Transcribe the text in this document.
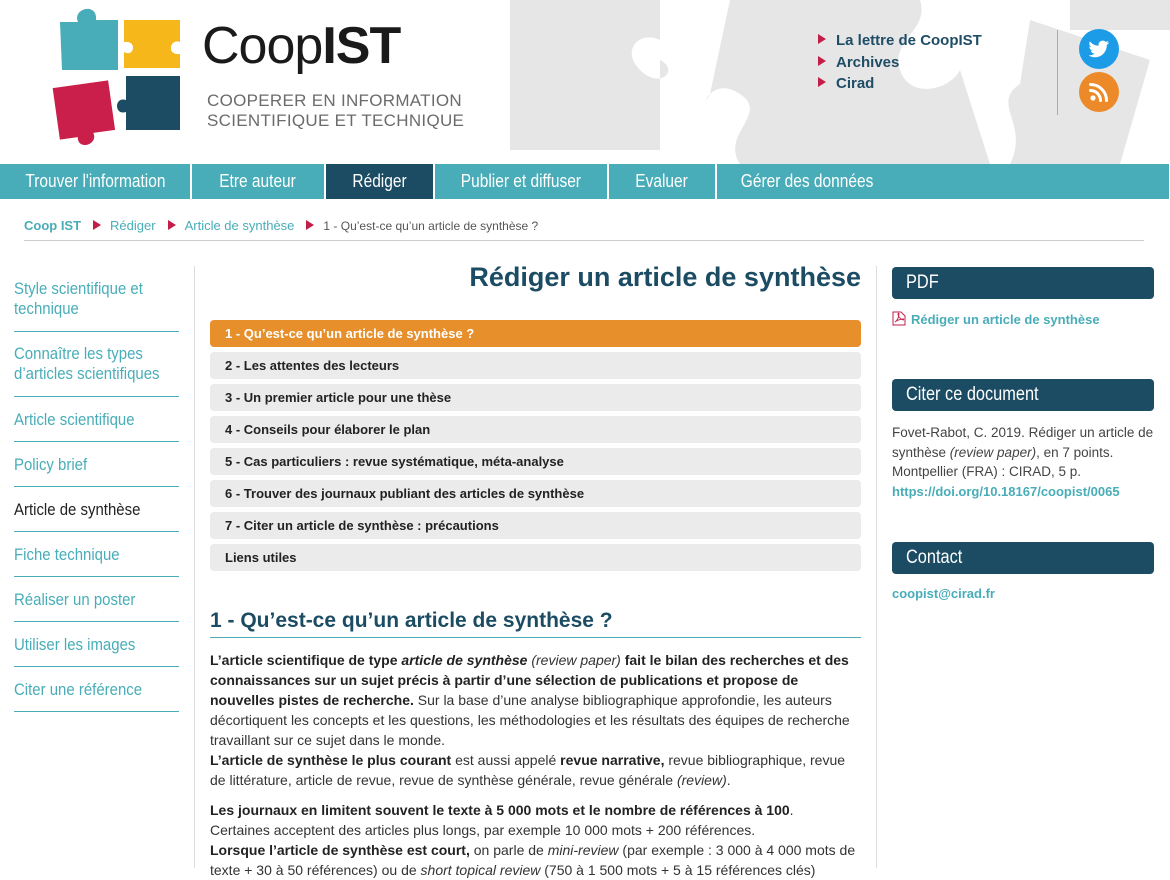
CoopIST
COOPERER EN INFORMATION
SCIENTIFIQUE ET TECHNIQUE
La lettre de CoopIST
Archives
Cirad
Trouver l'information	Etre auteur	Rédiger	Publier et diffuser	Evaluer	Gérer des données
Coop IST Rédiger Article de synthèse 1 - Qu’est-ce qu’un article de synthèse ?
Style scientifique et technique
Connaître les types d’articles scientifiques
Article scientifique
Policy brief
Article de synthèse
Fiche technique
Réaliser un poster
Utiliser les images
Citer une référence
Rédiger un article de synthèse
1 - Qu’est-ce qu’un article de synthèse ?
2 - Les attentes des lecteurs
3 - Un premier article pour une thèse
4 - Conseils pour élaborer le plan
5 - Cas particuliers : revue systématique, méta-analyse
6 - Trouver des journaux publiant des articles de synthèse
7 - Citer un article de synthèse : précautions
Liens utiles
1 - Qu’est-ce qu’un article de synthèse ?

L’article scientifique de type article de synthèse (review paper) fait le bilan des recherches et des connaissances sur un sujet précis à partir d’une sélection de publications et propose de nouvelles pistes de recherche. Sur la base d’une analyse bibliographique approfondie, les auteurs décortiquent les concepts et les questions, les méthodologies et les résultats des équipes de recherche travaillant sur ce sujet dans le monde.
L’article de synthèse le plus courant est aussi appelé revue narrative, revue bibliographique, revue de littérature, article de revue, revue de synthèse générale, revue générale (review).

Les journaux en limitent souvent le texte à 5 000 mots et le nombre de références à 100.
Certaines acceptent des articles plus longs, par exemple 10 000 mots + 200 références.
Lorsque l’article de synthèse est court, on parle de mini-review (par exemple : 3 000 à 4 000 mots de texte + 30 à 50 références) ou de short topical review (750 à 1 500 mots + 5 à 15 références clés)

PDF
Rédiger un article de synthèse
Citer ce document
Fovet-Rabot, C. 2019. Rédiger un article de synthèse (review paper), en 7 points. Montpellier (FRA) : CIRAD, 5 p.
https://doi.org/10.18167/coopist/0065
Contact
coopist@cirad.fr
